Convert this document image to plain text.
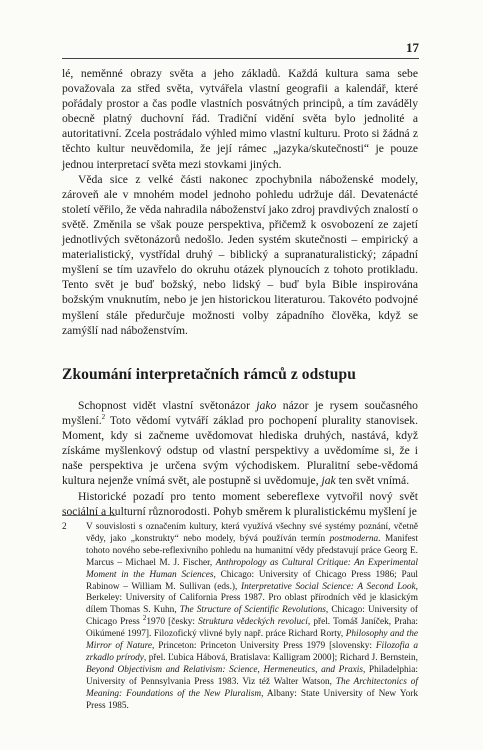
17

lé, neměnné obrazy světa a jeho základů. Každá kultura sama sebe považovala za střed světa, vytvářela vlastní geografii a kalendář, které pořádaly prostor a čas podle vlastních posvátných principů, a tím zaváděly obecně platný duchovní řád. Tradiční vidění světa bylo jednolité a autoritativní. Zcela postrádalo výhled mimo vlastní kulturu. Proto si žádná z těchto kultur neuvědomila, že její rámec „jazyka/skutečnosti“ je pouze jednou interpretací světa mezi stovkami jiných.

Věda sice z velké části nakonec zpochybnila náboženské modely, zároveň ale v mnohém model jednoho pohledu udržuje dál. Devatenácté století věřilo, že věda nahradila náboženství jako zdroj pravdivých znalostí o světě. Změnila se však pouze perspektiva, přičemž k osvobození ze zajetí jednotlivých světonázorů nedošlo. Jeden systém skutečnosti – empirický a materialistický, vystřídal druhý – biblický a supranaturalistický; západní myšlení se tím uzavřelo do okruhu otázek plynoucích z tohoto protikladu. Tento svět je buď božský, nebo lidský – buď byla Bible inspirována božským vnuknutím, nebo je jen historickou literaturou. Takovéto podvojné myšlení stále předurčuje možnosti volby západního člověka, když se zamýšlí nad náboženstvím.

Zkoumání interpretačních rámců z odstupu

Schopnost vidět vlastní světonázor jako názor je rysem současného myšlení.$^2$ Toto vědomí vytváří základ pro pochopení plurality stanovisek. Moment, kdy si začneme uvědomovat hlediska druhých, nastává, když získáme myšlenkový odstup od vlastní perspektivy a uvědomíme si, že i naše perspektiva je určena svým východiskem. Pluralitní sebe-vědomá kultura nejenže vnímá svět, ale postupně si uvědomuje, jak ten svět vnímá.

Historické pozadí pro tento moment sebereflexe vytvořil nový svět sociální a kulturní různorodosti. Pohyb směrem k pluralistickému myšlení je

2 V souvislosti s označením kultury, která využívá všechny své systémy poznání, včetně vědy, jako „konstrukty“ nebo modely, bývá používán termín postmoderna. Manifest tohoto nového sebe-reflexivního pohledu na humanitní vědy představují práce Georg E. Marcus – Michael M. J. Fischer, Anthropology as Cultural Critique: An Experimental Moment in the Human Sciences, Chicago: University of Chicago Press 1986; Paul Rabinow – William M. Sullivan (eds.), Interpretative Social Science: A Second Look, Berkeley: University of California Press 1987. Pro oblast přírodních věd je klasickým dílem Thomas S. Kuhn, The Structure of Scientific Revolutions, Chicago: University of Chicago Press $^2$1970 [česky: Struktura vědeckých revolucí, přel. Tomáš Janíček, Praha: Oikúmené 1997]. Filozofický vlivné byly např. práce Richard Rorty, Philosophy and the Mirror of Nature, Princeton: Princeton University Press 1979 [slovensky: Filozofia a zrkadlo prírody, přel. Ľubica Hábová, Bratislava: Kalligram 2000]; Richard J. Bernstein, Beyond Objectivism and Relativism: Science, Hermeneutics, and Praxis, Philadelphia: University of Pennsylvania Press 1983. Viz též Walter Watson, The Architectonics of Meaning: Foundations of the New Pluralism, Albany: State University of New York Press 1985.
